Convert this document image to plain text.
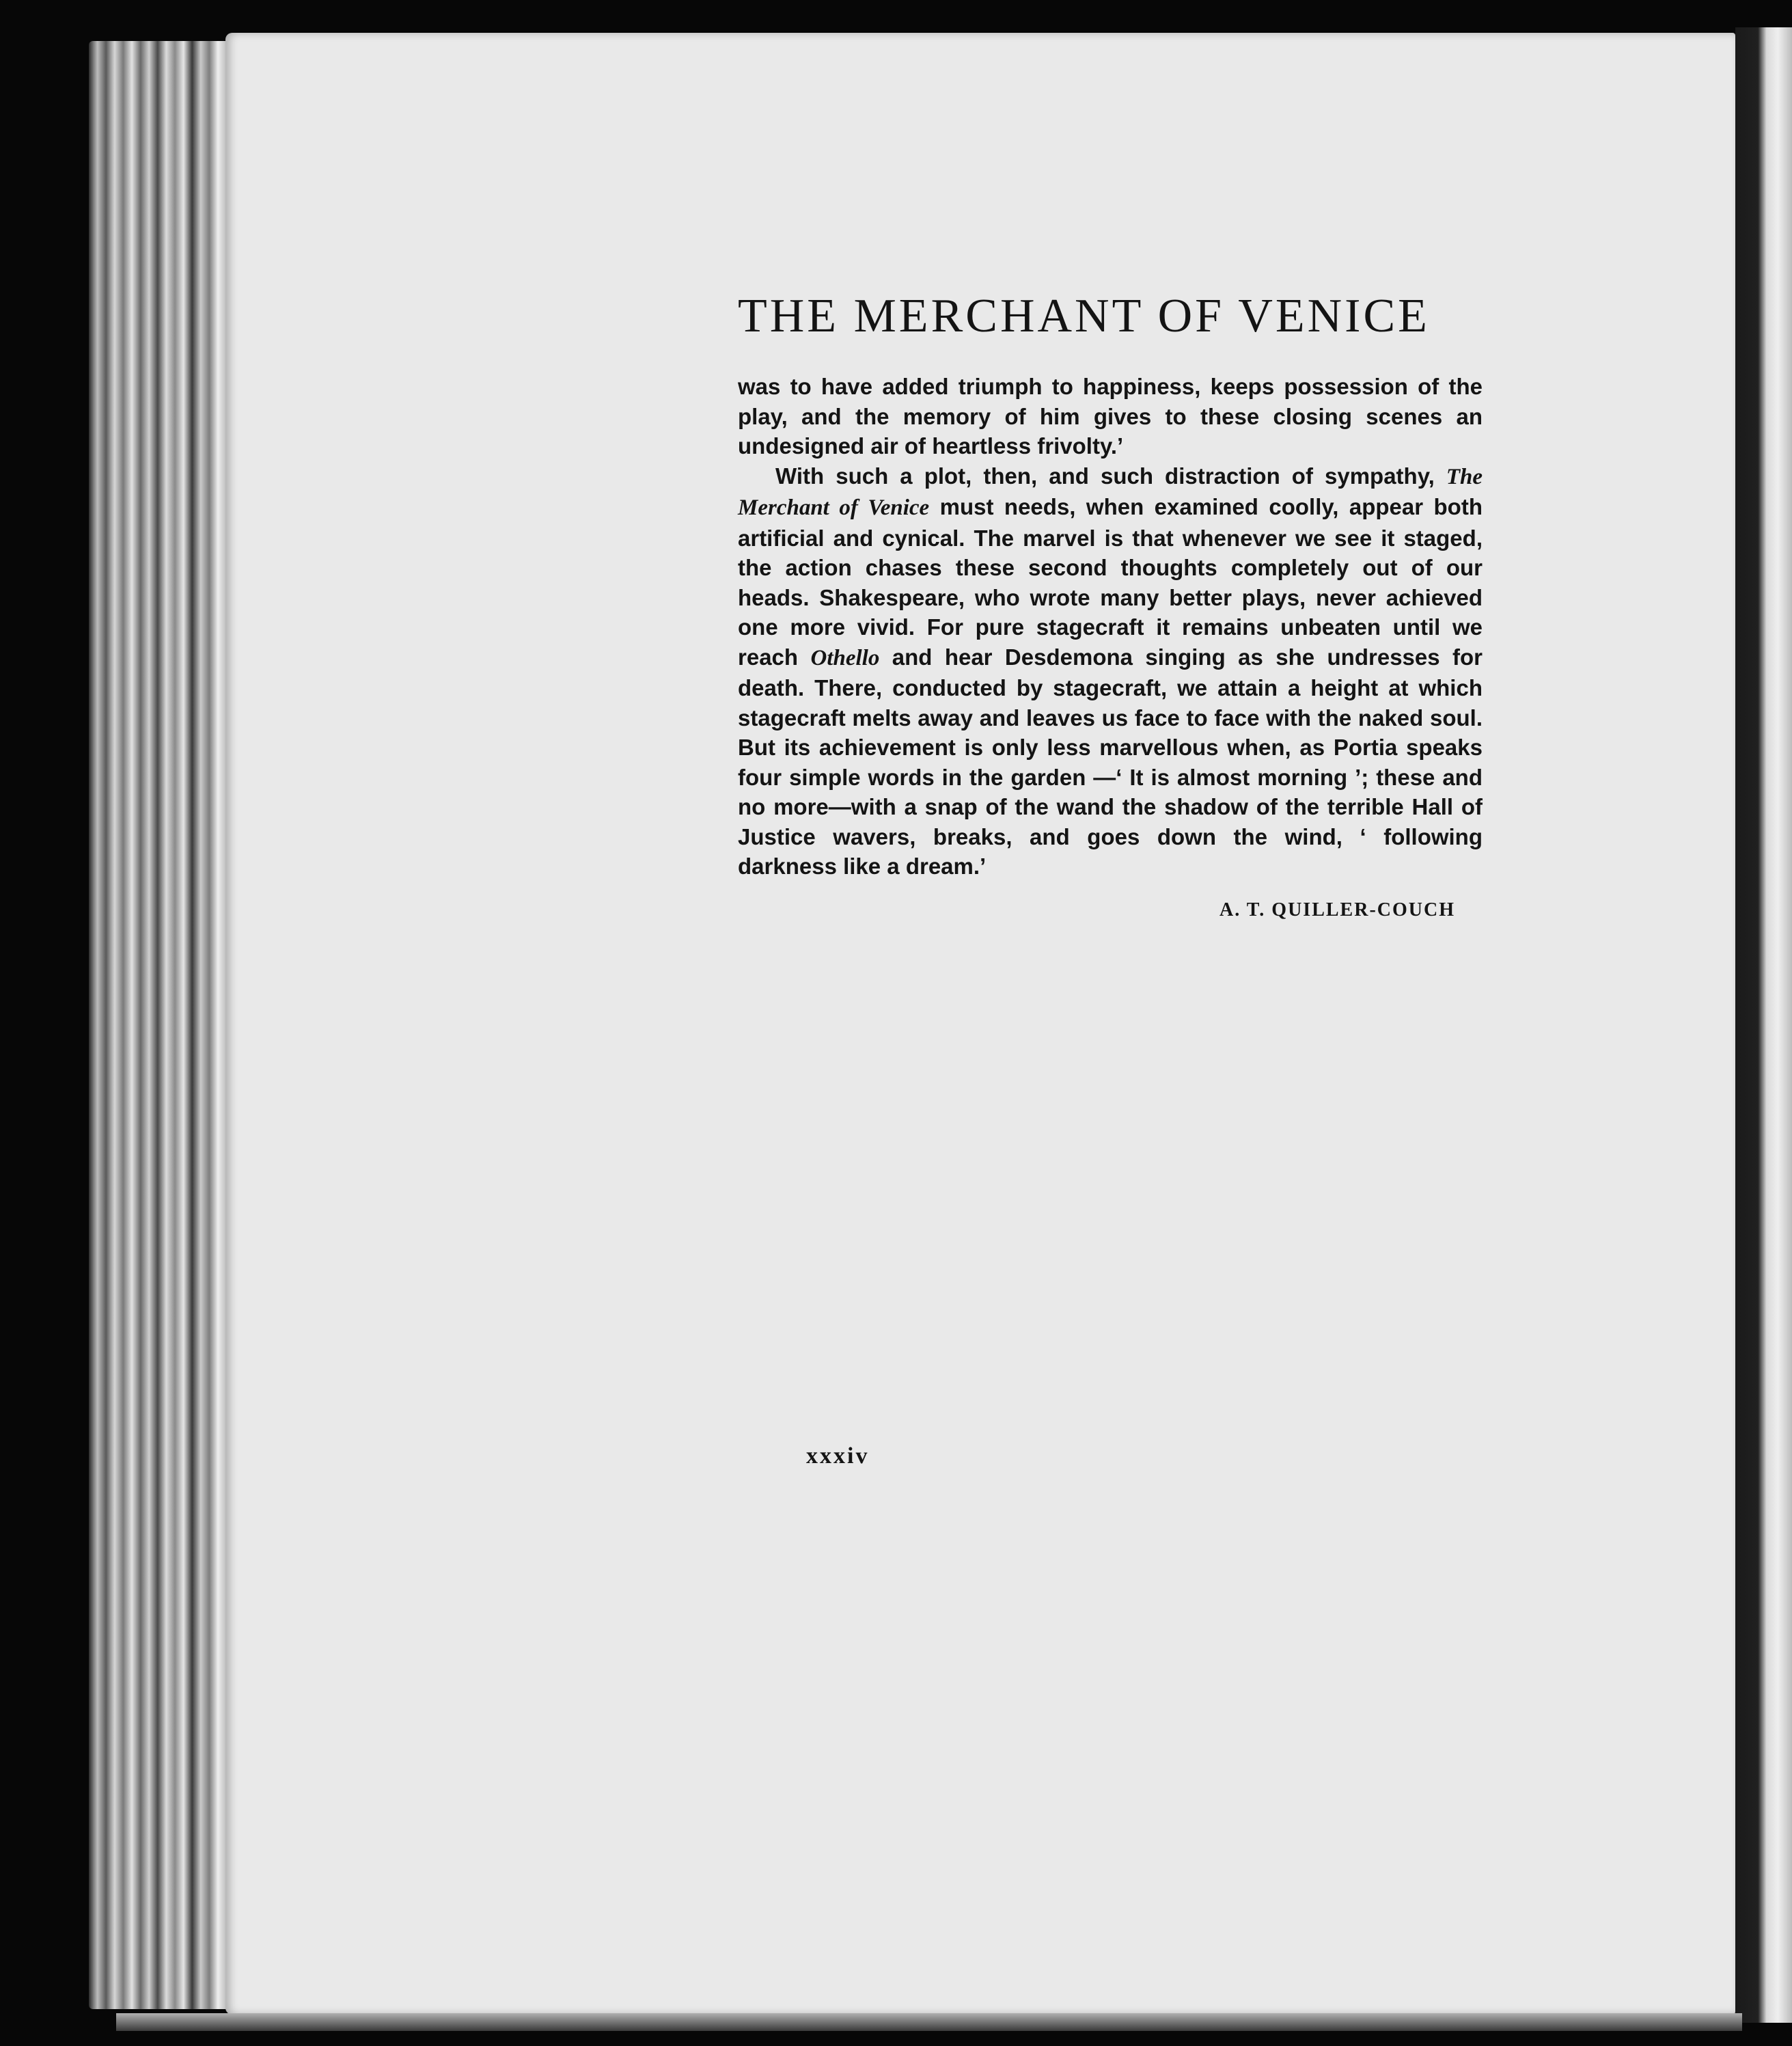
THE MERCHANT OF VENICE

was to have added triumph to happiness, keeps possession of the play, and the memory of him gives to these closing scenes an undesigned air of heartless frivolty.’

With such a plot, then, and such distraction of sympathy, The Merchant of Venice must needs, when examined coolly, appear both artificial and cynical. The marvel is that whenever we see it staged, the action chases these second thoughts completely out of our heads. Shakespeare, who wrote many better plays, never achieved one more vivid. For pure stagecraft it remains unbeaten until we reach Othello and hear Desdemona singing as she undresses for death. There, conducted by stagecraft, we attain a height at which stagecraft melts away and leaves us face to face with the naked soul. But its achievement is only less marvellous when, as Portia speaks four simple words in the garden —‘ It is almost morning ’; these and no more—with a snap of the wand the shadow of the terrible Hall of Justice wavers, breaks, and goes down the wind, ‘ following darkness like a dream.’

A. T. QUILLER-COUCH
xxxiv
